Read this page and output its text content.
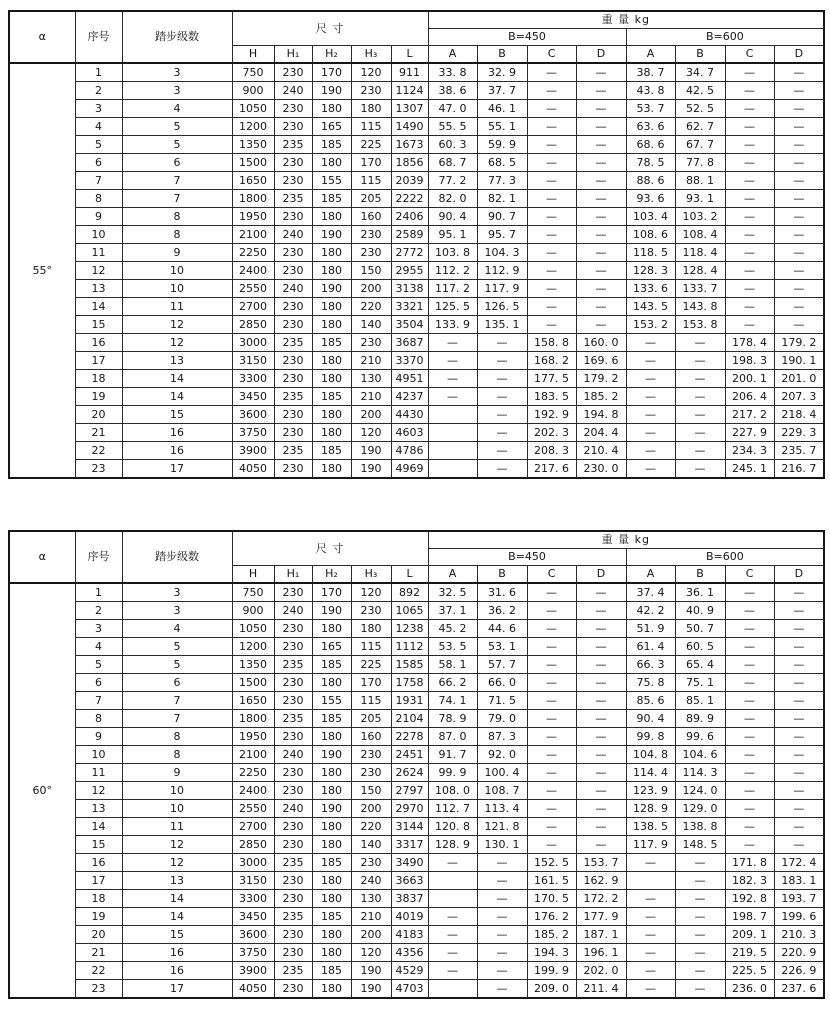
α	序号	踏步级数	尺 寸					重 量 kg							
								B=450				B=600			
			H	H₁	H₂	H₃	L	A	B	C	D	A	B	C	D
55°	1	3	750	230	170	120	911	33. 8	32. 9	—	—	38. 7	34. 7	—	—
	2	3	900	240	190	230	1124	38. 6	37. 7	—	—	43. 8	42. 5	—	—
	3	4	1050	230	180	180	1307	47. 0	46. 1	—	—	53. 7	52. 5	—	—
	4	5	1200	230	165	115	1490	55. 5	55. 1	—	—	63. 6	62. 7	—	—
	5	5	1350	235	185	225	1673	60. 3	59. 9	—	—	68. 6	67. 7	—	—
	6	6	1500	230	180	170	1856	68. 7	68. 5	—	—	78. 5	77. 8	—	—
	7	7	1650	230	155	115	2039	77. 2	77. 3	—	—	88. 6	88. 1	—	—
	8	7	1800	235	185	205	2222	82. 0	82. 1	—	—	93. 6	93. 1	—	—
	9	8	1950	230	180	160	2406	90. 4	90. 7	—	—	103. 4	103. 2	—	—
	10	8	2100	240	190	230	2589	95. 1	95. 7	—	—	108. 6	108. 4	—	—
	11	9	2250	230	180	230	2772	103. 8	104. 3	—	—	118. 5	118. 4	—	—
	12	10	2400	230	180	150	2955	112. 2	112. 9	—	—	128. 3	128. 4	—	—
	13	10	2550	240	190	200	3138	117. 2	117. 9	—	—	133. 6	133. 7	—	—
	14	11	2700	230	180	220	3321	125. 5	126. 5	—	—	143. 5	143. 8	—	—
	15	12	2850	230	180	140	3504	133. 9	135. 1	—	—	153. 2	153. 8	—	—
	16	12	3000	235	185	230	3687	—	—	158. 8	160. 0	—	—	178. 4	179. 2
	17	13	3150	230	180	210	3370	—	—	168. 2	169. 6	—	—	198. 3	190. 1
	18	14	3300	230	180	130	4951	—	—	177. 5	179. 2	—	—	200. 1	201. 0
	19	14	3450	235	185	210	4237	—	—	183. 5	185. 2	—	—	206. 4	207. 3
	20	15	3600	230	180	200	4430		—	192. 9	194. 8	—	—	217. 2	218. 4
	21	16	3750	230	180	120	4603		—	202. 3	204. 4	—	—	227. 9	229. 3
	22	16	3900	235	185	190	4786		—	208. 3	210. 4	—	—	234. 3	235. 7
	23	17	4050	230	180	190	4969		—	217. 6	230. 0	—	—	245. 1	216. 7
α	序号	踏步级数	尺 寸					重 量 kg							
								B=450				B=600			
			H	H₁	H₂	H₃	L	A	B	C	D	A	B	C	D
60°	1	3	750	230	170	120	892	32. 5	31. 6	—	—	37. 4	36. 1	—	—
	2	3	900	240	190	230	1065	37. 1	36. 2	—	—	42. 2	40. 9	—	—
	3	4	1050	230	180	180	1238	45. 2	44. 6	—	—	51. 9	50. 7	—	—
	4	5	1200	230	165	115	1112	53. 5	53. 1	—	—	61. 4	60. 5	—	—
	5	5	1350	235	185	225	1585	58. 1	57. 7	—	—	66. 3	65. 4	—	—
	6	6	1500	230	180	170	1758	66. 2	66. 0	—	—	75. 8	75. 1	—	—
	7	7	1650	230	155	115	1931	74. 1	71. 5	—	—	85. 6	85. 1	—	—
	8	7	1800	235	185	205	2104	78. 9	79. 0	—	—	90. 4	89. 9	—	—
	9	8	1950	230	180	160	2278	87. 0	87. 3	—	—	99. 8	99. 6	—	—
	10	8	2100	240	190	230	2451	91. 7	92. 0	—	—	104. 8	104. 6	—	—
	11	9	2250	230	180	230	2624	99. 9	100. 4	—	—	114. 4	114. 3	—	—
	12	10	2400	230	180	150	2797	108. 0	108. 7	—	—	123. 9	124. 0	—	—
	13	10	2550	240	190	200	2970	112. 7	113. 4	—	—	128. 9	129. 0	—	—
	14	11	2700	230	180	220	3144	120. 8	121. 8	—	—	138. 5	138. 8	—	—
	15	12	2850	230	180	140	3317	128. 9	130. 1	—	—	117. 9	148. 5	—	—
	16	12	3000	235	185	230	3490	—	—	152. 5	153. 7	—	—	171. 8	172. 4
	17	13	3150	230	180	240	3663		—	161. 5	162. 9		—	182. 3	183. 1
	18	14	3300	230	180	130	3837		—	170. 5	172. 2	—	—	192. 8	193. 7
	19	14	3450	235	185	210	4019	—	—	176. 2	177. 9	—	—	198. 7	199. 6
	20	15	3600	230	180	200	4183	—	—	185. 2	187. 1	—	—	209. 1	210. 3
	21	16	3750	230	180	120	4356	—	—	194. 3	196. 1	—	—	219. 5	220. 9
	22	16	3900	235	185	190	4529	—	—	199. 9	202. 0	—	—	225. 5	226. 9
	23	17	4050	230	180	190	4703		—	209. 0	211. 4	—	—	236. 0	237. 6
